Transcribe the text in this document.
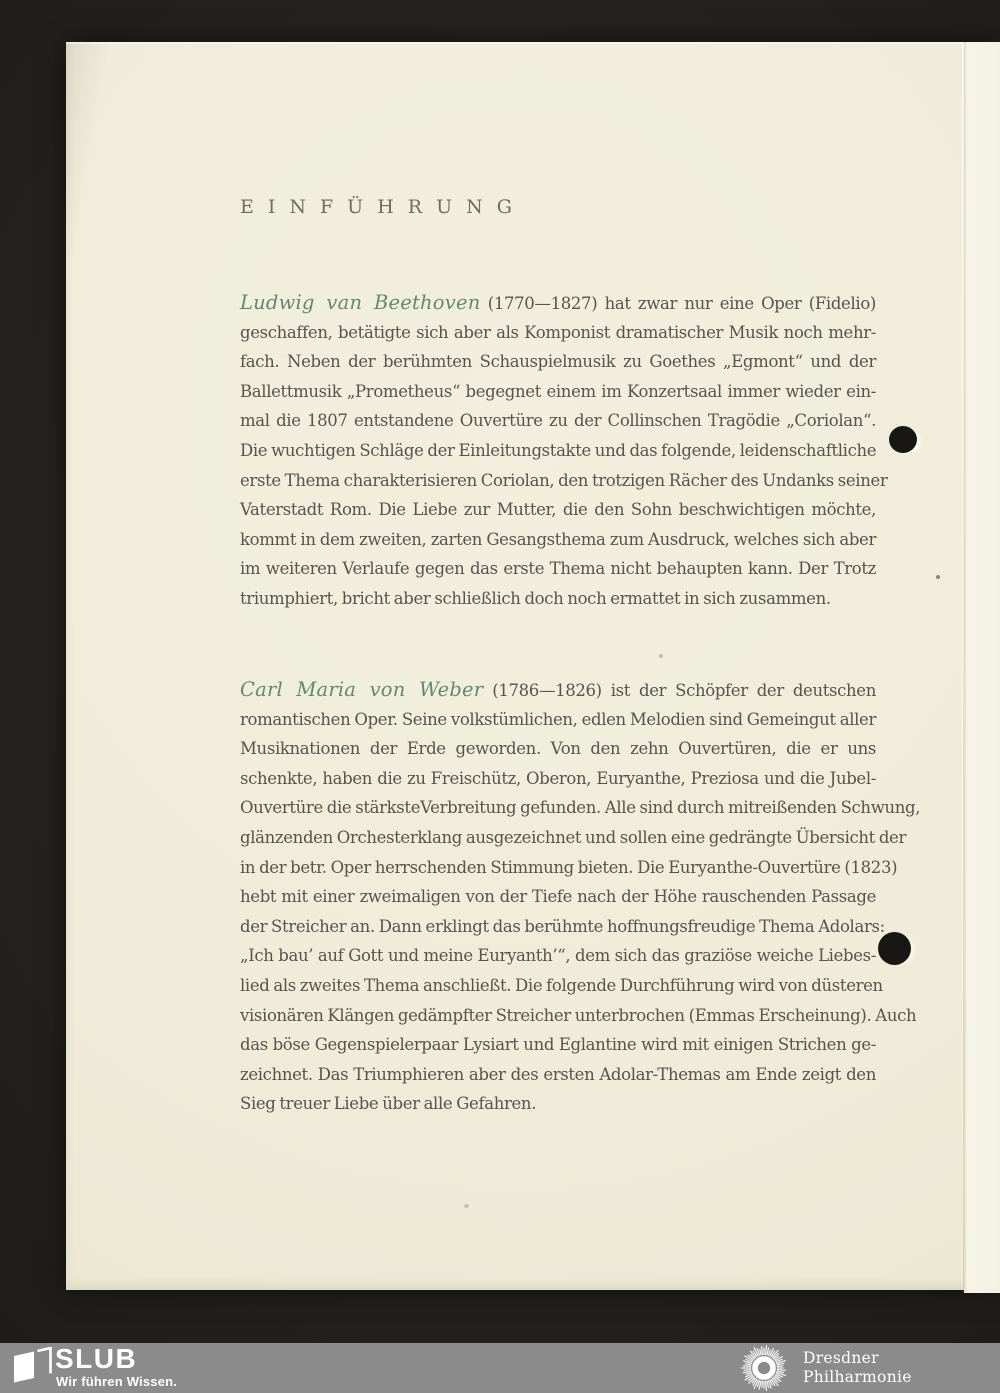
EINFÜHRUNG
Ludwig van Beethoven (1770—1827) hat zwar nur eine Oper (Fidelio)
geschaffen, betätigte sich aber als Komponist dramatischer Musik noch mehr-
fach. Neben der berühmten Schauspielmusik zu Goethes „Egmont“ und der
Ballettmusik „Prometheus“ begegnet einem im Konzertsaal immer wieder ein-
mal die 1807 entstandene Ouvertüre zu der Collinschen Tragödie „Coriolan“.
Die wuchtigen Schläge der Einleitungstakte und das folgende, leidenschaftliche
erste Thema charakterisieren Coriolan, den trotzigen Rächer des Undanks seiner
Vaterstadt Rom. Die Liebe zur Mutter, die den Sohn beschwichtigen möchte,
kommt in dem zweiten, zarten Gesangsthema zum Ausdruck, welches sich aber
im weiteren Verlaufe gegen das erste Thema nicht behaupten kann. Der Trotz
triumphiert, bricht aber schließlich doch noch ermattet in sich zusammen.
Carl Maria von Weber (1786—1826) ist der Schöpfer der deutschen
romantischen Oper. Seine volkstümlichen, edlen Melodien sind Gemeingut aller
Musiknationen der Erde geworden. Von den zehn Ouvertüren, die er uns
schenkte, haben die zu Freischütz, Oberon, Euryanthe, Preziosa und die Jubel-
Ouvertüre die stärksteVerbreitung gefunden. Alle sind durch mitreißenden Schwung,
glänzenden Orchesterklang ausgezeichnet und sollen eine gedrängte Übersicht der
in der betr. Oper herrschenden Stimmung bieten. Die Euryanthe-Ouvertüre (1823)
hebt mit einer zweimaligen von der Tiefe nach der Höhe rauschenden Passage
der Streicher an. Dann erklingt das berühmte hoffnungsfreudige Thema Adolars:
„Ich bau’ auf Gott und meine Euryanth’“, dem sich das graziöse weiche Liebes-
lied als zweites Thema anschließt. Die folgende Durchführung wird von düsteren
visionären Klängen gedämpfter Streicher unterbrochen (Emmas Erscheinung). Auch
das böse Gegenspielerpaar Lysiart und Eglantine wird mit einigen Strichen ge-
zeichnet. Das Triumphieren aber des ersten Adolar-Themas am Ende zeigt den
Sieg treuer Liebe über alle Gefahren.
SLUB
Wir führen Wissen.
Dresdner
Philharmonie
